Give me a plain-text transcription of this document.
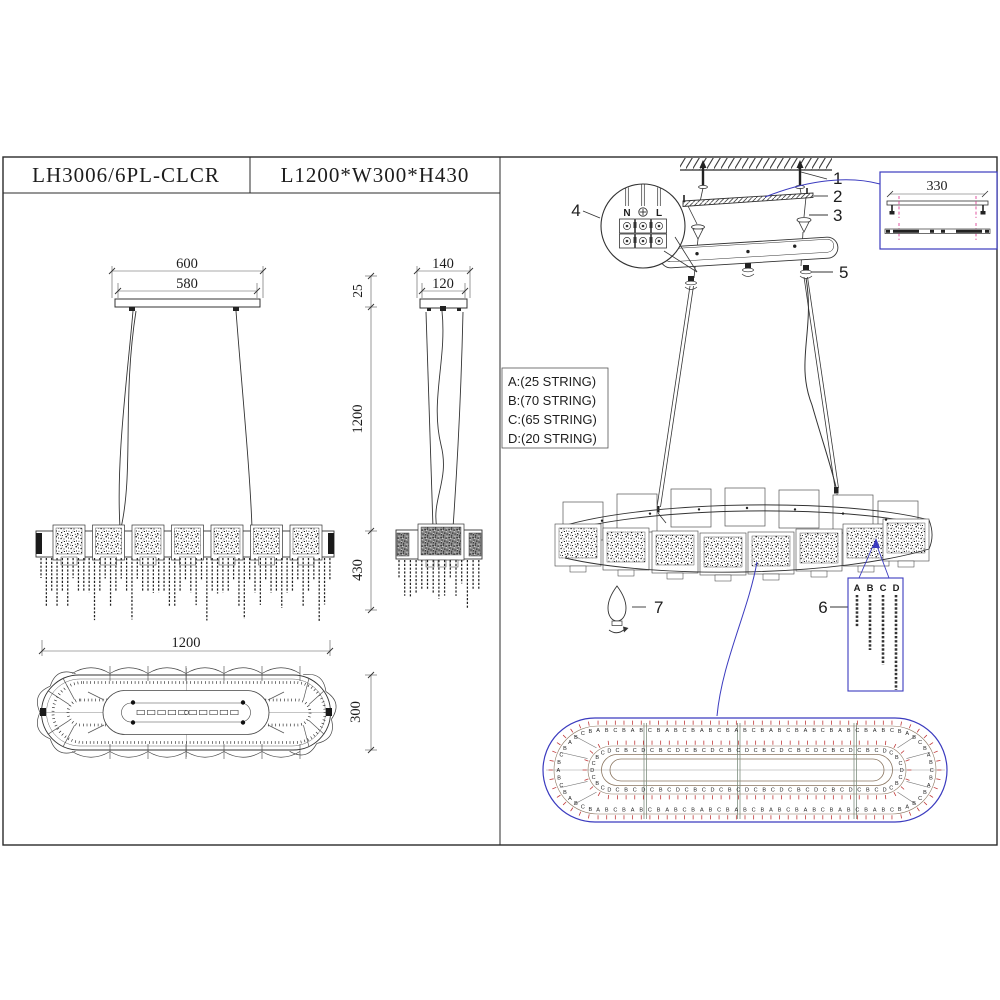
LH3006/6PL-CLCR	L1200*W300*H430
600
580
1200
140
120
25
1200
430
300
N	L
1
2
3
4
5
6
7
330
A:(25 STRING)
B:(70 STRING)
C:(65 STRING)
D:(20 STRING)
A B C D
A
B
C
B
A
B
C B A B C B A B C B A B C B A B C B A B C B A B C B A B C B A B C B A B C B A
B
C
B
A
B
C
B
A
B
C
B
A
B
C
B
A
B
C
B
A
B
C
B
A
B
C
B
A
B
C
B
A
B
C
B
A
B
C
B
A
B
C
B
A
B
C
B
A
B
C
B
A
B
C
B
D
C
B
C D C B C D C B C D C B C D C B C D C B C D C B C D C B C D C B C D C
B
C
D
C
B
C
D
C
B
C
D
C
B
C
D
C
B
C
D
C
B
C
D
C
B
C
D
C
B
C
D
C
B
C
D
C
B
C
D
C
B
C
